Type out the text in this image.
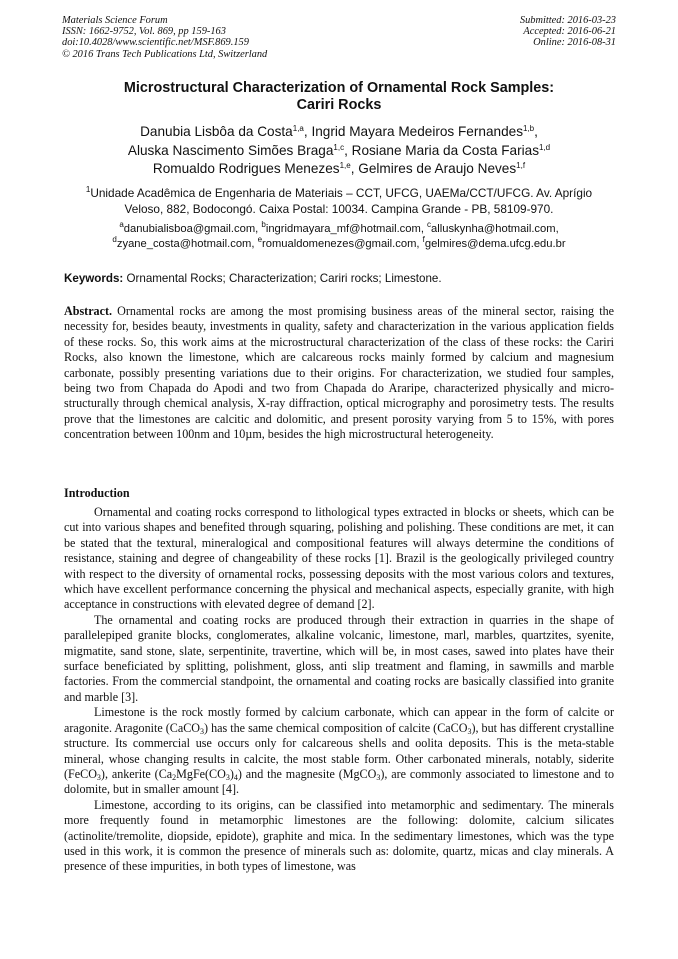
Materials Science Forum
ISSN: 1662-9752, Vol. 869, pp 159-163
doi:10.4028/www.scientific.net/MSF.869.159
© 2016 Trans Tech Publications Ltd, Switzerland
Submitted: 2016-03-23
Accepted: 2016-06-21
Online: 2016-08-31
Microstructural Characterization of Ornamental Rock Samples:
Cariri Rocks
Danubia Lisbôa da Costa$^{1,a}$, Ingrid Mayara Medeiros Fernandes$^{1,b}$,
Aluska Nascimento Simões Braga$^{1,c}$, Rosiane Maria da Costa Farias$^{1,d}$
Romualdo Rodrigues Menezes$^{1,e}$, Gelmires de Araujo Neves$^{1,f}$
$^1$Unidade Acadêmica de Engenharia de Materiais – CCT, UFCG, UAEMa/CCT/UFCG. Av. Aprígio
Veloso, 882, Bodocongó. Caixa Postal: 10034. Campina Grande - PB, 58109-970.
$^a$danubialisboa@gmail.com, $^b$ingridmayara_mf@hotmail.com, $^c$alluskynha@hotmail.com,
$^d$zyane_costa@hotmail.com, $^e$romualdomenezes@gmail.com, $^f$gelmires@dema.ufcg.edu.br
Keywords: Ornamental Rocks; Characterization; Cariri rocks; Limestone.

Abstract. Ornamental rocks are among the most promising business areas of the mineral sector, raising the necessity for, besides beauty, investments in quality, safety and characterization in the various application fields of these rocks. So, this work aims at the microstructural characterization of the class of these rocks: the Cariri Rocks, also known the limestone, which are calcareous rocks mainly formed by calcium and magnesium carbonate, possibly presenting variations due to their origins. For characterization, we studied four samples, being two from Chapada do Apodi and two from Chapada do Araripe, characterized physically and micro-structurally through chemical analysis, X-ray diffraction, optical micrography and porosimetry tests. The results prove that the limestones are calcitic and dolomitic, and present porosity varying from 5 to 15%, with pores concentration between 100nm and 10µm, besides the high microstructural heterogeneity.

Introduction

Ornamental and coating rocks correspond to lithological types extracted in blocks or sheets, which can be cut into various shapes and benefited through squaring, polishing and polishing. These conditions are met, it can be stated that the textural, mineralogical and compositional features will always determine the conditions of resistance, staining and degree of changeability of these rocks [1]. Brazil is the geologically privileged country with respect to the diversity of ornamental rocks, possessing deposits with the most various colors and textures, which have excellent performance concerning the physical and mechanical aspects, especially granite, with high acceptance in constructions with elevated degree of demand [2].

The ornamental and coating rocks are produced through their extraction in quarries in the shape of parallelepiped granite blocks, conglomerates, alkaline volcanic, limestone, marl, marbles, quartzites, syenite, migmatite, sand stone, slate, serpentinite, travertine, which will be, in most cases, sawed into plates have their surface beneficiated by splitting, polishment, gloss, anti slip treatment and flaming, in sawmills and marble factories. From the commercial standpoint, the ornamental and coating rocks are basically classified into granite and marble [3].

Limestone is the rock mostly formed by calcium carbonate, which can appear in the form of calcite or aragonite. Aragonite (CaCO$_3$) has the same chemical composition of calcite (CaCO$_3$), but has different crystalline structure. Its commercial use occurs only for calcareous shells and oolita deposits. This is the meta-stable mineral, whose changing results in calcite, the most stable form. Other carbonated minerals, notably, siderite (FeCO$_3$), ankerite $(Ca_2MgFe(CO_3)_4)$ and the magnesite (MgCO$_3$), are commonly associated to limestone and to dolomite, but in smaller amount [4].

Limestone, according to its origins, can be classified into metamorphic and sedimentary. The minerals more frequently found in metamorphic limestones are the following: dolomite, calcium silicates (actinolite/tremolite, diopside, epidote), graphite and mica. In the sedimentary limestones, which was the type used in this work, it is common the presence of minerals such as: dolomite, quartz, micas and clay minerals. A presence of these impurities, in both types of limestone, was
